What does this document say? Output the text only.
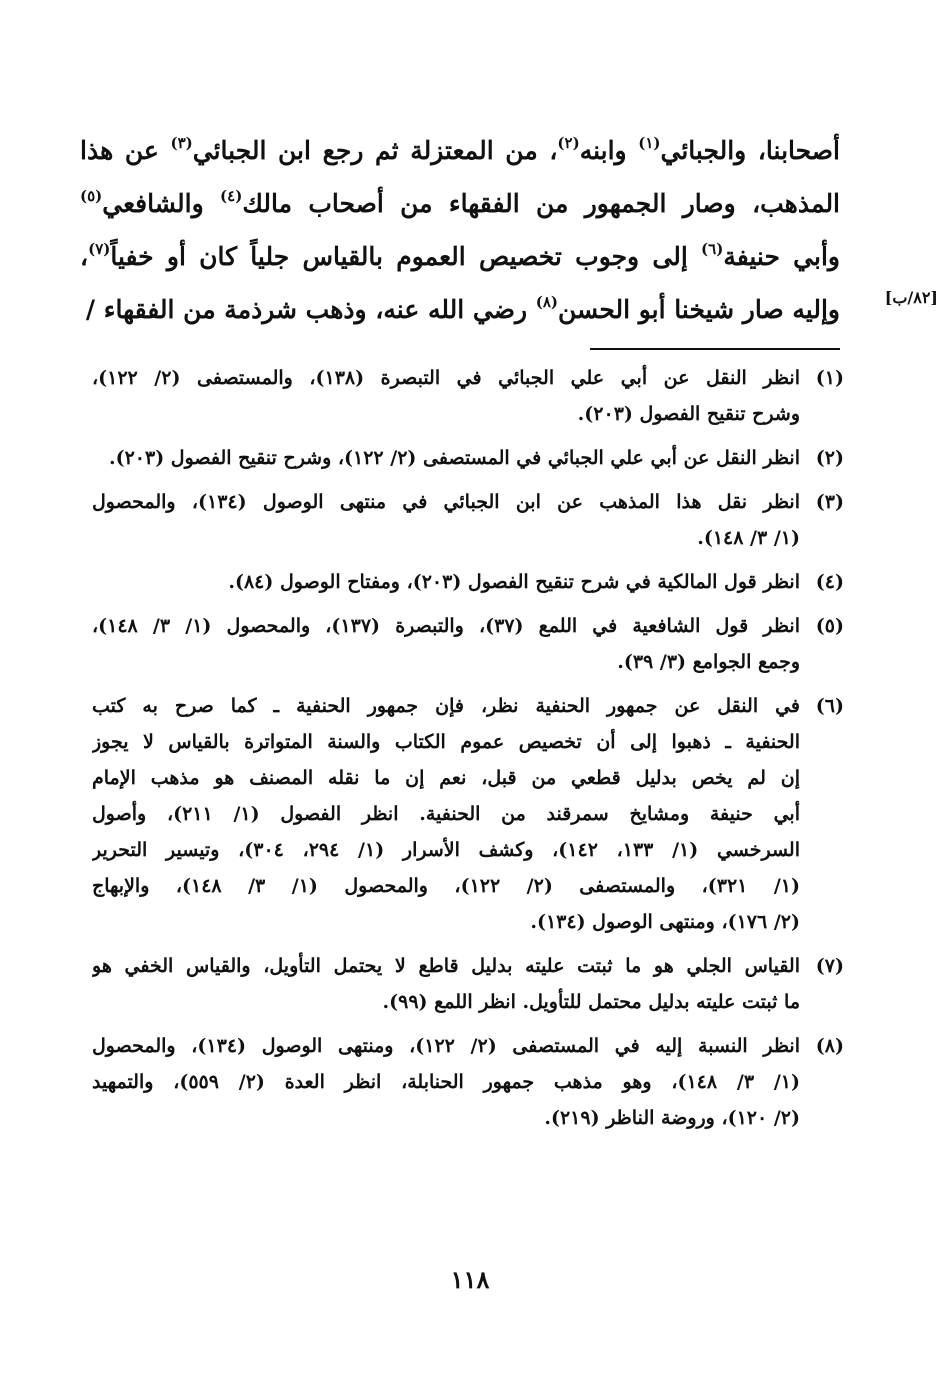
أصحابنا، والجبائي$^{(١)}$ وابنه$^{(٢)}$، من المعتزلة ثم رجع ابن الجبائي$^{(٣)}$ عن هذا
المذهب، وصار الجمهور من الفقهاء من أصحاب مالك$^{(٤)}$ والشافعي$^{(٥)}$
وأبي حنيفة$^{(٦)}$ إلى وجوب تخصيص العموم بالقياس جلياً كان أو خفياً$^{(٧)}$،
وإليه صار شيخنا أبو الحسن$^{(٨)}$ رضي الله عنه، وذهب شرذمة من الفقهاء /	[٨٢/ب]
(١)
انظر النقل عن أبي علي الجبائي في التبصرة (١٣٨)، والمستصفى (٢/ ١٢٢)،
وشرح تنقيح الفصول (٢٠٣).
(٢)
انظر النقل عن أبي علي الجبائي في المستصفى (٢/ ١٢٢)، وشرح تنقيح الفصول (٢٠٣).
(٣)
انظر نقل هذا المذهب عن ابن الجبائي في منتهى الوصول (١٣٤)، والمحصول
(١/ ٣/ ١٤٨).
(٤)
انظر قول المالكية في شرح تنقيح الفصول (٢٠٣)، ومفتاح الوصول (٨٤).
(٥)
انظر قول الشافعية في اللمع (٣٧)، والتبصرة (١٣٧)، والمحصول (١/ ٣/ ١٤٨)،
وجمع الجوامع (٣/ ٣٩).
(٦)
في النقل عن جمهور الحنفية نظر، فإن جمهور الحنفية ـ كما صرح به كتب
الحنفية ـ ذهبوا إلى أن تخصيص عموم الكتاب والسنة المتواترة بالقياس لا يجوز
إن لم يخص بدليل قطعي من قبل، نعم إن ما نقله المصنف هو مذهب الإمام
أبي حنيفة ومشايخ سمرقند من الحنفية. انظر الفصول (١/ ٢١١)، وأصول
السرخسي (١/ ١٣٣، ١٤٢)، وكشف الأسرار (١/ ٢٩٤، ٣٠٤)، وتيسير التحرير
(١/ ٣٢١)، والمستصفى (٢/ ١٢٢)، والمحصول (١/ ٣/ ١٤٨)، والإبهاج
(٢/ ١٧٦)، ومنتهى الوصول (١٣٤).
(٧)
القياس الجلي هو ما ثبتت عليته بدليل قاطع لا يحتمل التأويل، والقياس الخفي هو
ما ثبتت عليته بدليل محتمل للتأويل. انظر اللمع (٩٩).
(٨)
انظر النسبة إليه في المستصفى (٢/ ١٢٢)، ومنتهى الوصول (١٣٤)، والمحصول
(١/ ٣/ ١٤٨)، وهو مذهب جمهور الحنابلة، انظر العدة (٢/ ٥٥٩)، والتمهيد
(٢/ ١٢٠)، وروضة الناظر (٢١٩).
١١٨
